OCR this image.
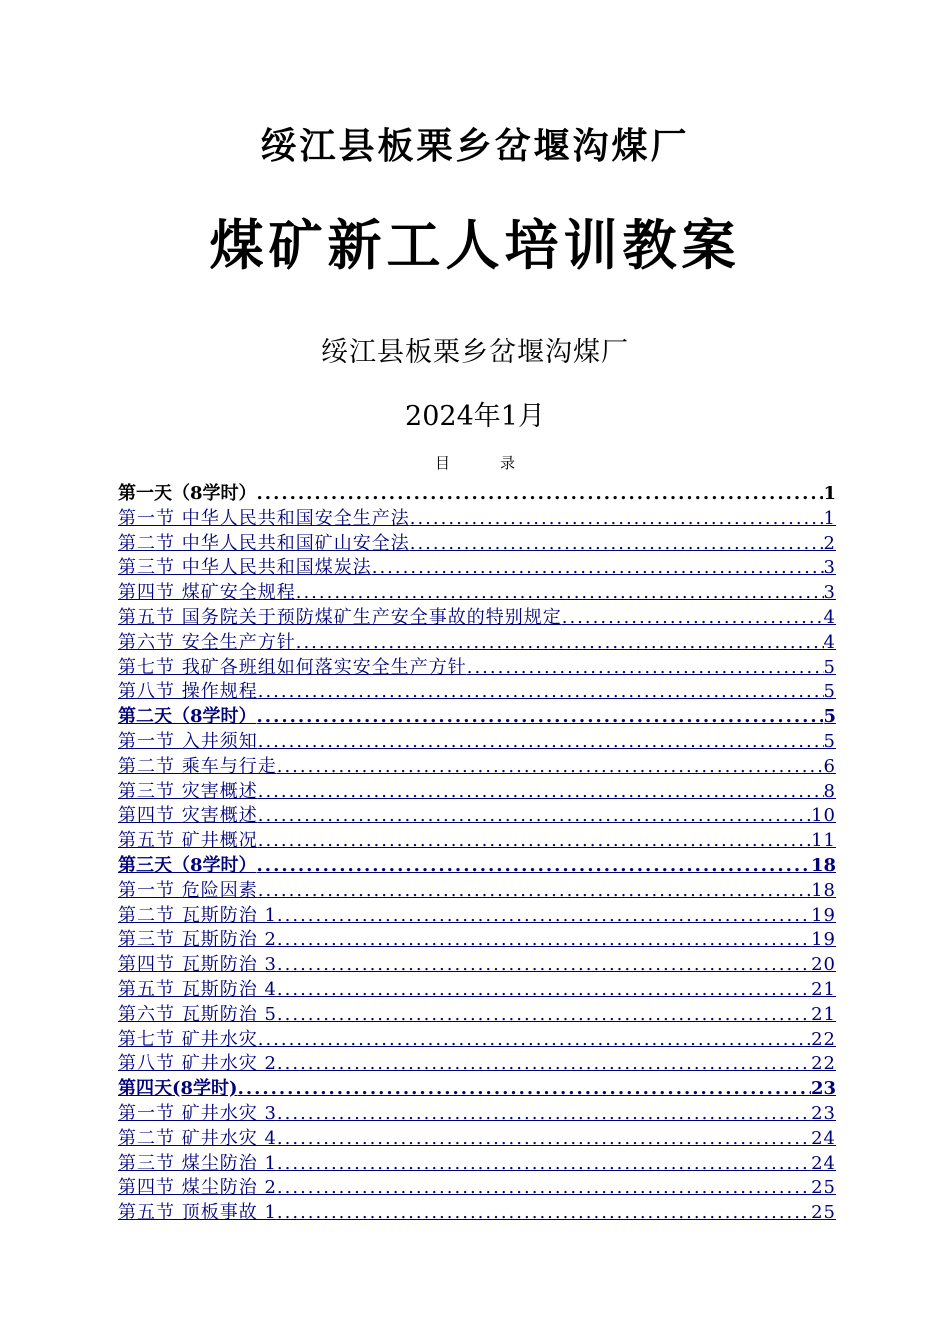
绥江县板栗乡岔堰沟煤厂
煤矿新工人培训教案
绥江县板栗乡岔堰沟煤厂
2024年1月
目录
第一天（8学时） .....	1
第一节 中华人民共和国安全生产法 .....	1
第二节 中华人民共和国矿山安全法 .....	2
第三节 中华人民共和国煤炭法 .....	3
第四节 煤矿安全规程 .....	3
第五节 国务院关于预防煤矿生产安全事故的特别规定 .....	4
第六节 安全生产方针 .....	4
第七节 我矿各班组如何落实安全生产方针 .....	5
第八节 操作规程 .....	5
第二天（8学时） .....	5
第一节 入井须知 .....	5
第二节 乘车与行走 .....	6
第三节 灾害概述 .....	8
第四节 灾害概述 .....	10
第五节 矿井概况 .....	11
第三天（8学时） .....	18
第一节 危险因素 .....	18
第二节 瓦斯防治 1 .....	19
第三节 瓦斯防治 2 .....	19
第四节 瓦斯防治 3 .....	20
第五节 瓦斯防治 4 .....	21
第六节 瓦斯防治 5 .....	21
第七节 矿井水灾 .....	22
第八节 矿井水灾 2 .....	22
第四天(8学时) .....	23
第一节 矿井水灾 3 .....	23
第二节 矿井水灾 4 .....	24
第三节 煤尘防治 1 .....	24
第四节 煤尘防治 2 .....	25
第五节 顶板事故 1 .....	25
